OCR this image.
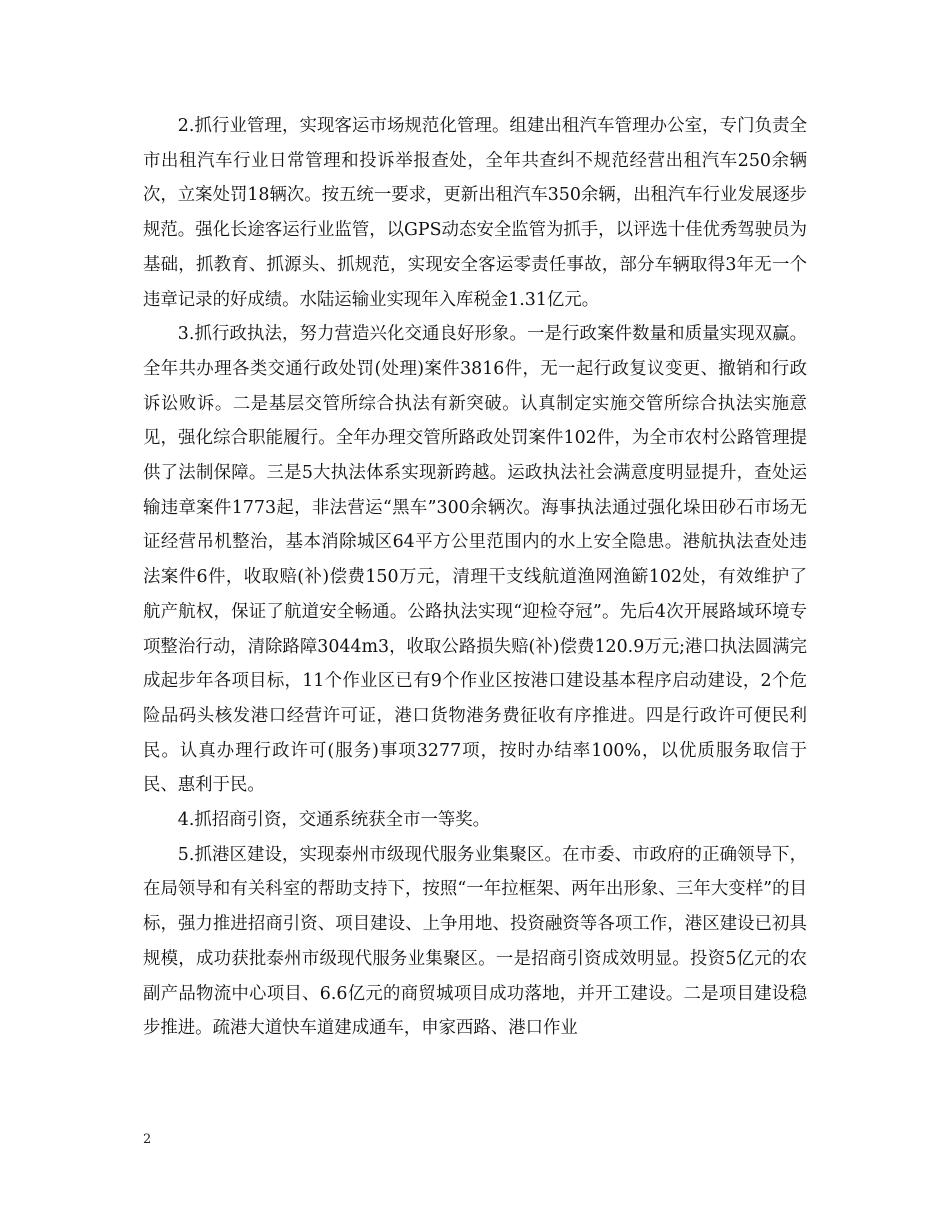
2.抓行业管理，实现客运市场规范化管理。组建出租汽车管理办公室，专门负责全市出租汽车行业日常管理和投诉举报查处，全年共查纠不规范经营出租汽车250余辆次，立案处罚18辆次。按五统一要求，更新出租汽车350余辆，出租汽车行业发展逐步规范。强化长途客运行业监管，以GPS动态安全监管为抓手，以评选十佳优秀驾驶员为基础，抓教育、抓源头、抓规范，实现安全客运零责任事故，部分车辆取得3年无一个违章记录的好成绩。水陆运输业实现年入库税金1.31亿元。

3.抓行政执法，努力营造兴化交通良好形象。一是行政案件数量和质量实现双赢。全年共办理各类交通行政处罚(处理)案件3816件，无一起行政复议变更、撤销和行政诉讼败诉。二是基层交管所综合执法有新突破。认真制定实施交管所综合执法实施意见，强化综合职能履行。全年办理交管所路政处罚案件102件，为全市农村公路管理提供了法制保障。三是5大执法体系实现新跨越。运政执法社会满意度明显提升，查处运输违章案件1773起，非法营运“黑车”300余辆次。海事执法通过强化垛田砂石市场无证经营吊机整治，基本消除城区64平方公里范围内的水上安全隐患。港航执法查处违法案件6件，收取赔(补)偿费150万元，清理干支线航道渔网渔簖102处，有效维护了航产航权，保证了航道安全畅通。公路执法实现“迎检夺冠”。先后4次开展路域环境专项整治行动，清除路障3044m3，收取公路损失赔(补)偿费120.9万元;港口执法圆满完成起步年各项目标，11个作业区已有9个作业区按港口建设基本程序启动建设，2个危险品码头核发港口经营许可证，港口货物港务费征收有序推进。四是行政许可便民利民。认真办理行政许可(服务)事项3277项，按时办结率100%，以优质服务取信于民、惠利于民。

4.抓招商引资，交通系统获全市一等奖。

5.抓港区建设，实现泰州市级现代服务业集聚区。在市委、市政府的正确领导下，在局领导和有关科室的帮助支持下，按照“一年拉框架、两年出形象、三年大变样”的目标，强力推进招商引资、项目建设、上争用地、投资融资等各项工作，港区建设已初具规模，成功获批泰州市级现代服务业集聚区。一是招商引资成效明显。投资5亿元的农副产品物流中心项目、6.6亿元的商贸城项目成功落地，并开工建设。二是项目建设稳步推进。疏港大道快车道建成通车，申家西路、港口作业

2
